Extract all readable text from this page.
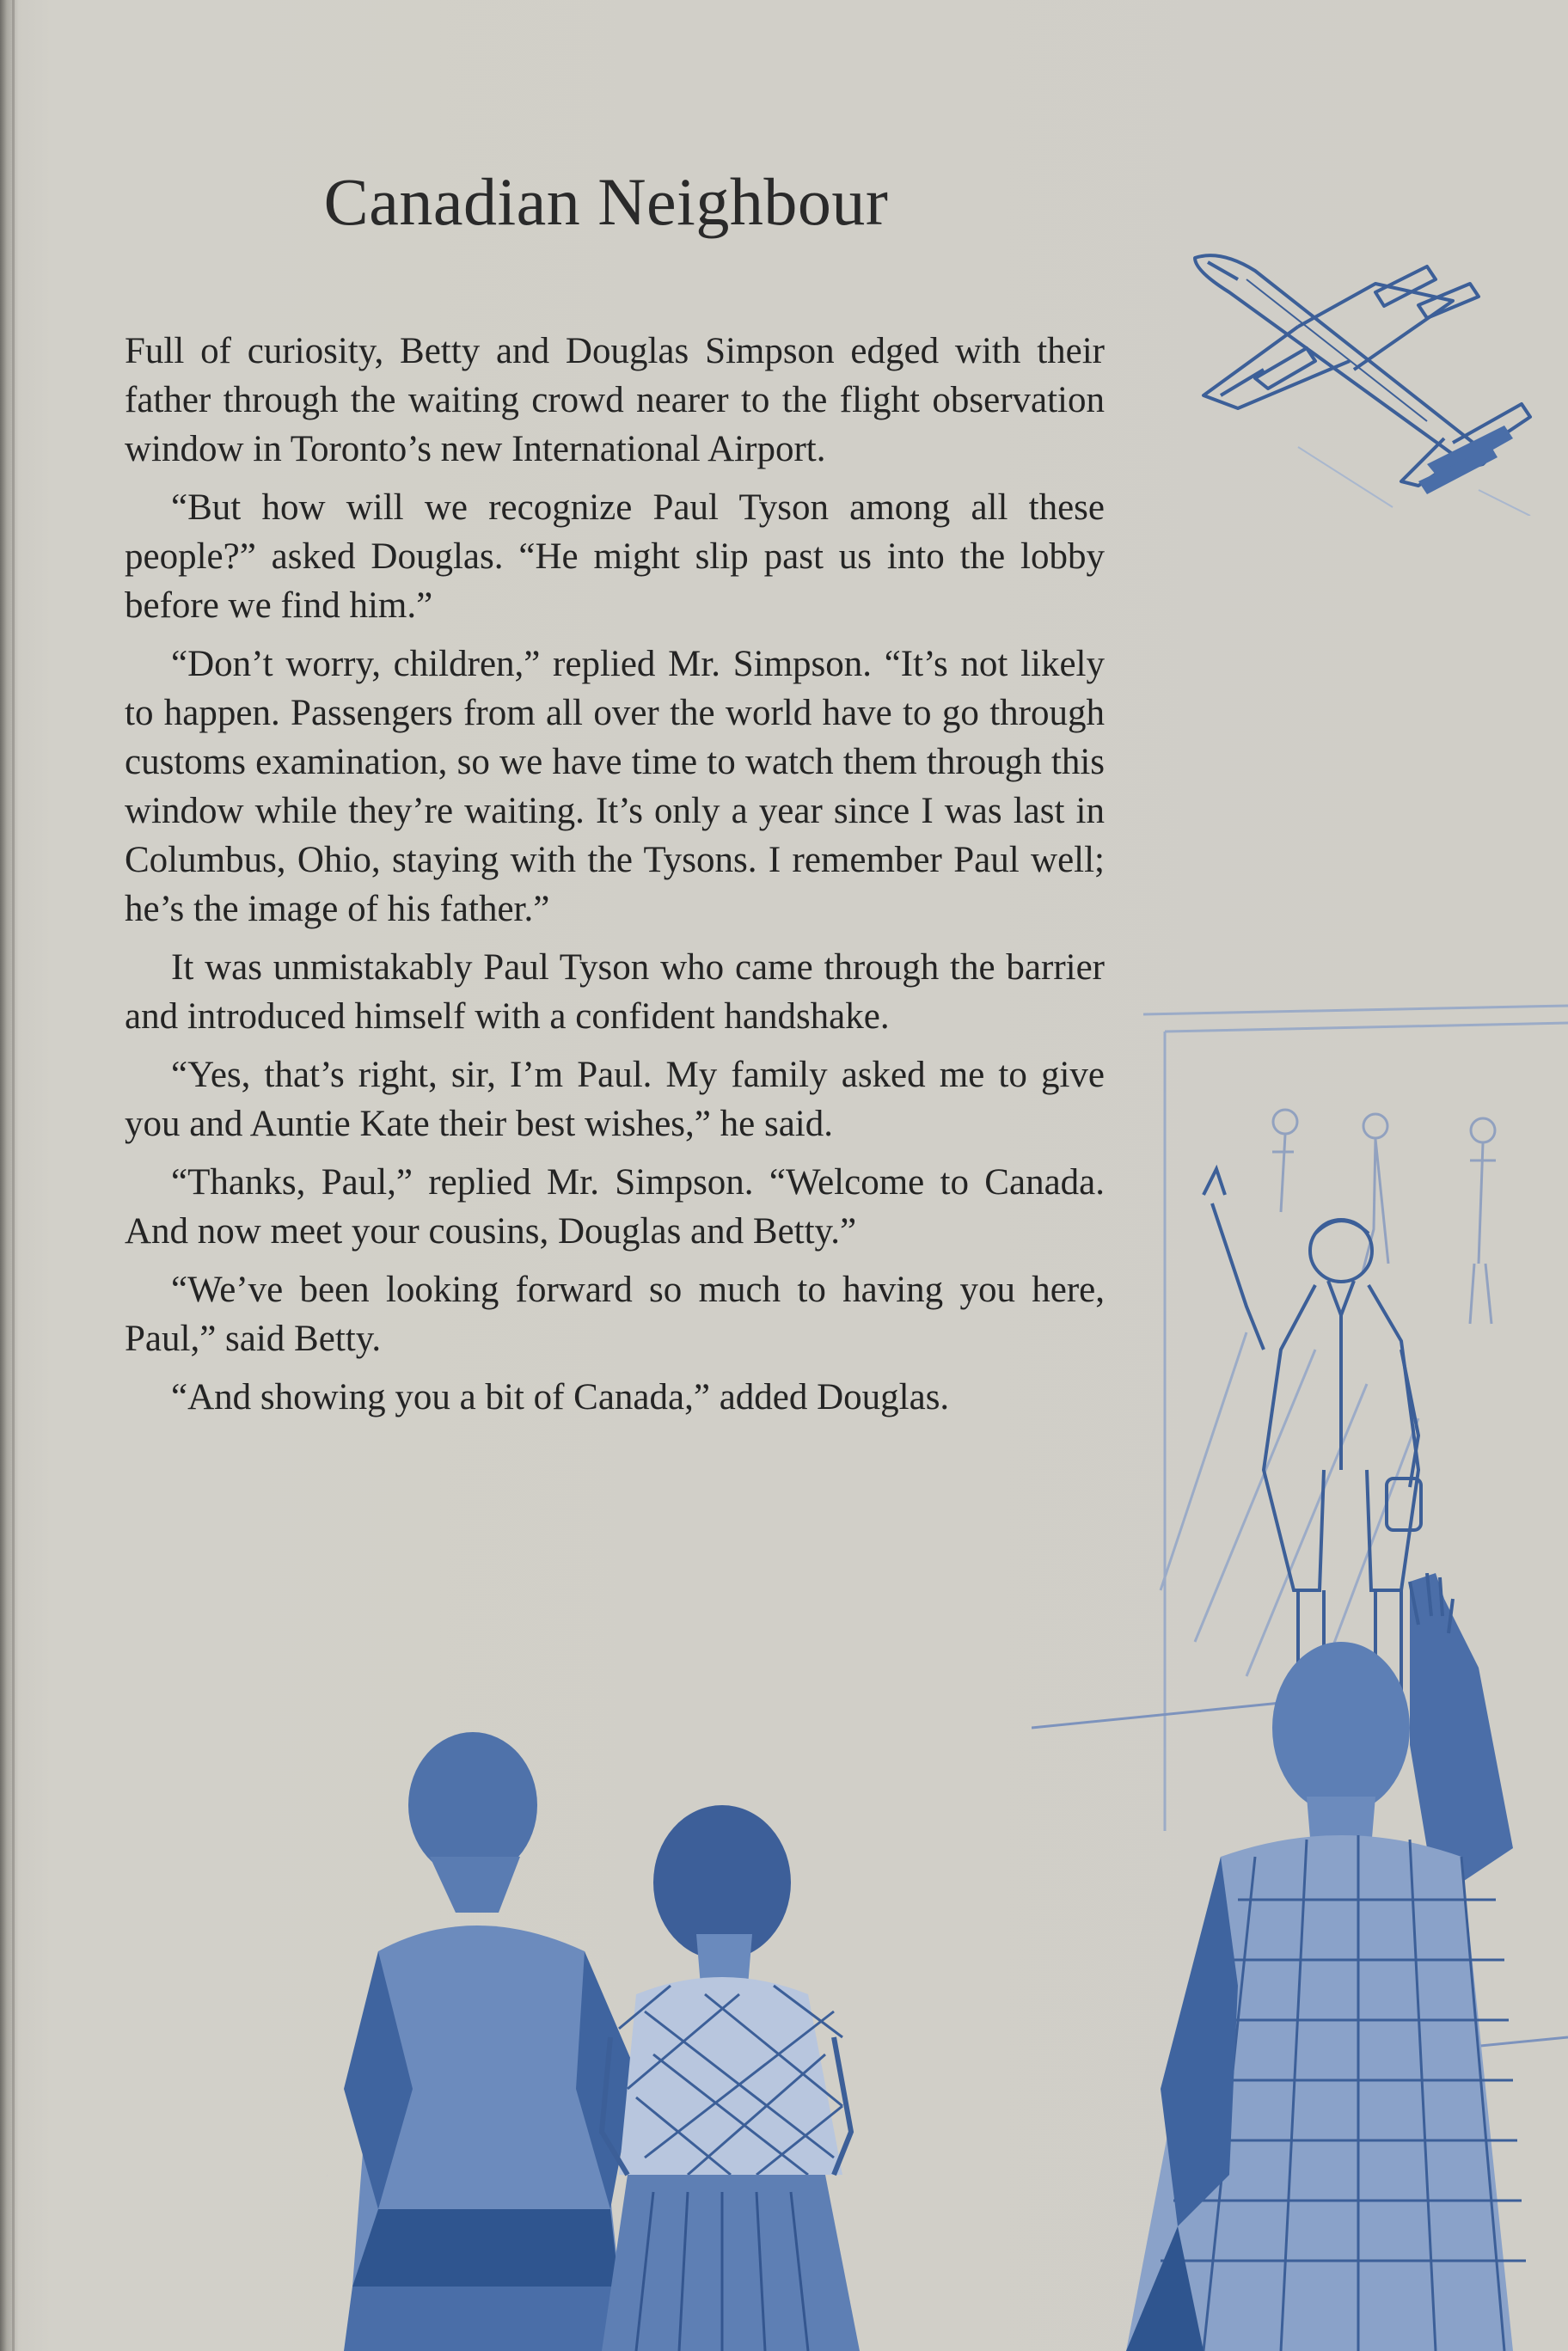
Canadian Neighbour

Full of curiosity, Betty and Douglas Simpson edged with their father through the waiting crowd nearer to the flight observation window in Toronto’s new International Airport.

“But how will we recognize Paul Tyson among all these people?” asked Douglas. “He might slip past us into the lobby before we find him.”

“Don’t worry, children,” replied Mr. Simpson. “It’s not likely to happen. Passengers from all over the world have to go through customs examination, so we have time to watch them through this window while they’re waiting. It’s only a year since I was last in Columbus, Ohio, staying with the Tysons. I remember Paul well; he’s the image of his father.”

It was unmistakably Paul Tyson who came through the barrier and introduced himself with a confident handshake.

“Yes, that’s right, sir, I’m Paul. My family asked me to give you and Auntie Kate their best wishes,” he said.

“Thanks, Paul,” replied Mr. Simpson. “Welcome to Canada. And now meet your cousins, Douglas and Betty.”

“We’ve been looking forward so much to having you here, Paul,” said Betty.

“And showing you a bit of Canada,” added Douglas.
